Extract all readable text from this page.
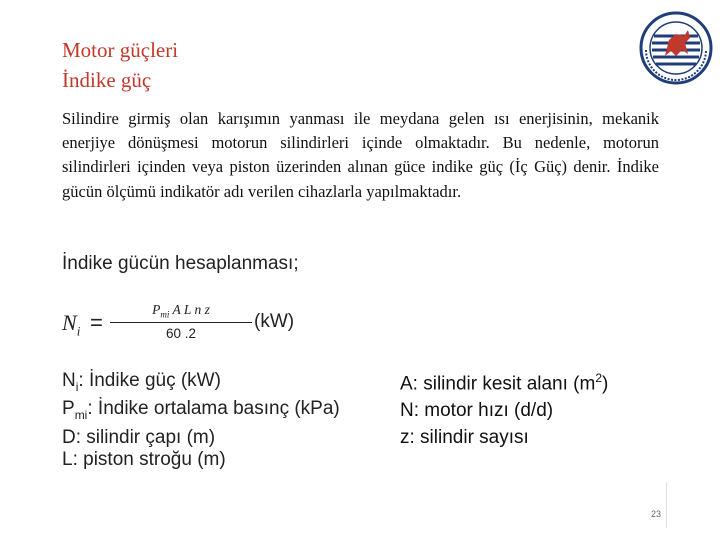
Motor güçleri
İndike güç
Silindire girmiş olan karışımın yanması ile meydana gelen ısı enerjisinin, mekanik enerjiye dönüşmesi motorun silindirleri içinde olmaktadır. Bu nedenle, motorun silindirleri içinden veya piston üzerinden alınan güce indike güç (İç Güç) denir. İndike gücün ölçümü indikatör adı verilen cihazlarla yapılmaktadır.
İndike gücün hesaplanması;
$N_i$ =
$P_{mi}$ A L n z
60 .2
(kW)
$N_i$: İndike güç (kW)
$P_{mi}$: İndike ortalama basınç (kPa)
D: silindir çapı (m)
L: piston stroğu (m)
A: silindir kesit alanı $(m^2)$
N: motor hızı (d/d)
z: silindir sayısı
23
